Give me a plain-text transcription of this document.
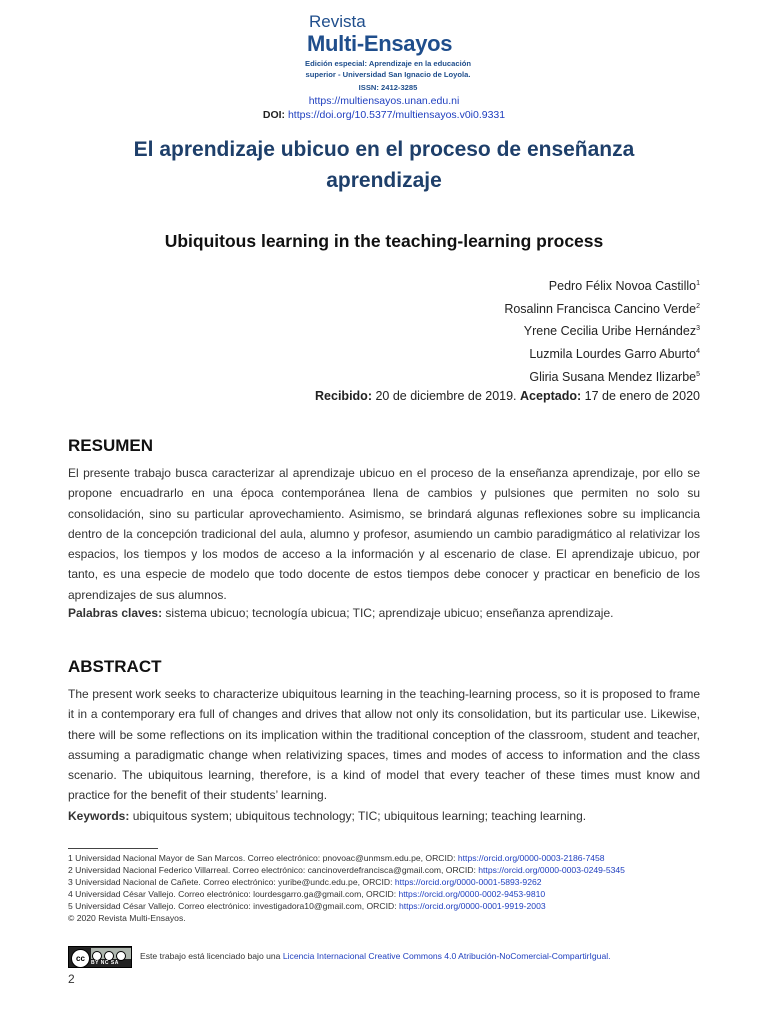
Revista
Multi-Ensayos
Edición especial: Aprendizaje en la educación
superior - Universidad San Ignacio de Loyola.
ISSN: 2412-3285
https://multiensayos.unan.edu.ni
DOI: https://doi.org/10.5377/multiensayos.v0i0.9331
El aprendizaje ubicuo en el proceso de enseñanza
aprendizaje
Ubiquitous learning in the teaching-learning process
Pedro Félix Novoa Castillo$^1$
Rosalinn Francisca Cancino Verde$^2$
Yrene Cecilia Uribe Hernández$^3$
Luzmila Lourdes Garro Aburto$^4$
Gliria Susana Mendez Ilizarbe$^5$
Recibido: 20 de diciembre de 2019. Aceptado: 17 de enero de 2020
RESUMEN
El presente trabajo busca caracterizar al aprendizaje ubicuo en el proceso de la enseñanza aprendizaje, por ello se propone encuadrarlo en una época contemporánea llena de cambios y pulsiones que permiten no solo su consolidación, sino su particular aprovechamiento. Asimismo, se brindará algunas reflexiones sobre su implicancia dentro de la concepción tradicional del aula, alumno y profesor, asumiendo un cambio paradigmático al relativizar los espacios, los tiempos y los modos de acceso a la información y al escenario de clase. El aprendizaje ubicuo, por tanto, es una especie de modelo que todo docente de estos tiempos debe conocer y practicar en beneficio de los aprendizajes de sus alumnos.
Palabras claves: sistema ubicuo; tecnología ubicua; TIC; aprendizaje ubicuo; enseñanza aprendizaje.
ABSTRACT
The present work seeks to characterize ubiquitous learning in the teaching-learning process, so it is proposed to frame it in a contemporary era full of changes and drives that allow not only its consolidation, but its particular use. Likewise, there will be some reflections on its implication within the traditional conception of the classroom, student and teacher, assuming a paradigmatic change when relativizing spaces, times and modes of access to information and the class scenario. The ubiquitous learning, therefore, is a kind of model that every teacher of these times must know and practice for the benefit of their students’ learning.
Keywords: ubiquitous system; ubiquitous technology; TIC; ubiquitous learning; teaching learning.

1 Universidad Nacional Mayor de San Marcos. Correo electrónico: pnovoac@unmsm.edu.pe, ORCID: https://orcid.org/0000-0003-2186-7458

2 Universidad Nacional Federico Villarreal. Correo electrónico: cancinoverdefrancisca@gmail.com, ORCID: https://orcid.org/0000-0003-0249-5345

3 Universidad Nacional de Cañete. Correo electrónico: yuribe@undc.edu.pe, ORCID: https://orcid.org/0000-0001-5893-9262

4 Universidad César Vallejo. Correo electrónico: lourdesgarro.ga@gmail.com, ORCID: https://orcid.org/0000-0002-9453-9810

5 Universidad César Vallejo. Correo electrónico: investigadora10@gmail.com, ORCID: https://orcid.org/0000-0001-9919-2003

© 2020 Revista Multi-Ensayos.

cc	BY NC SA
Este trabajo está licenciado bajo una Licencia Internacional Creative Commons 4.0 Atribución-NoComercial-CompartirIgual.
2
